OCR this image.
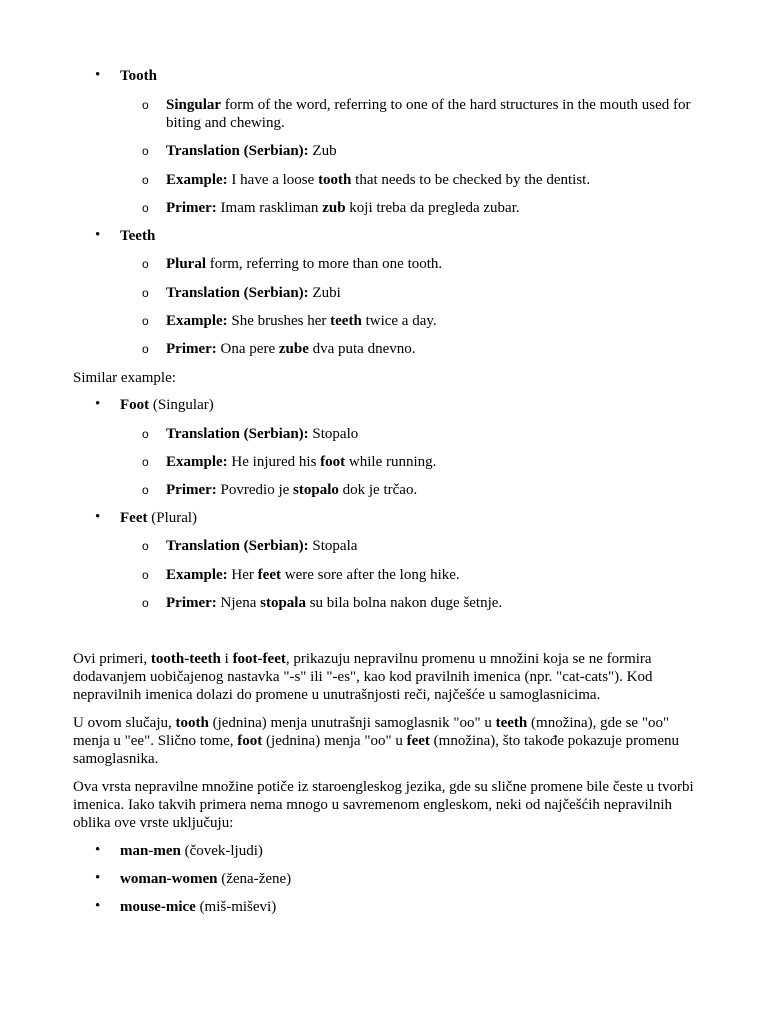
• Tooth
o Singular form of the word, referring to one of the hard structures in the mouth used for biting and chewing.
o Translation (Serbian): Zub
o Example: I have a loose tooth that needs to be checked by the dentist.
o Primer: Imam raskliman zub koji treba da pregleda zubar.
• Teeth
o Plural form, referring to more than one tooth.
o Translation (Serbian): Zubi
o Example: She brushes her teeth twice a day.
o Primer: Ona pere zube dva puta dnevno.
Similar example:
• Foot (Singular)
o Translation (Serbian): Stopalo
o Example: He injured his foot while running.
o Primer: Povredio je stopalo dok je trčao.
• Feet (Plural)
o Translation (Serbian): Stopala
o Example: Her feet were sore after the long hike.
o Primer: Njena stopala su bila bolna nakon duge šetnje.
Ovi primeri, tooth-teeth i foot-feet, prikazuju nepravilnu promenu u množini koja se ne formira dodavanjem uobičajenog nastavka "-s" ili "-es", kao kod pravilnih imenica (npr. "cat-cats"). Kod nepravilnih imenica dolazi do promene u unutrašnjosti reči, najčešće u samoglasnicima.
U ovom slučaju, tooth (jednina) menja unutrašnji samoglasnik "oo" u teeth (množina), gde se "oo" menja u "ee". Slično tome, foot (jednina) menja "oo" u feet (množina), što takođe pokazuje promenu samoglasnika.
Ova vrsta nepravilne množine potiče iz staroengleskog jezika, gde su slične promene bile česte u tvorbi imenica. Iako takvih primera nema mnogo u savremenom engleskom, neki od najčešćih nepravilnih oblika ove vrste uključuju:
• man-men (čovek-ljudi)
• woman-women (žena-žene)
• mouse-mice (miš-miševi)
